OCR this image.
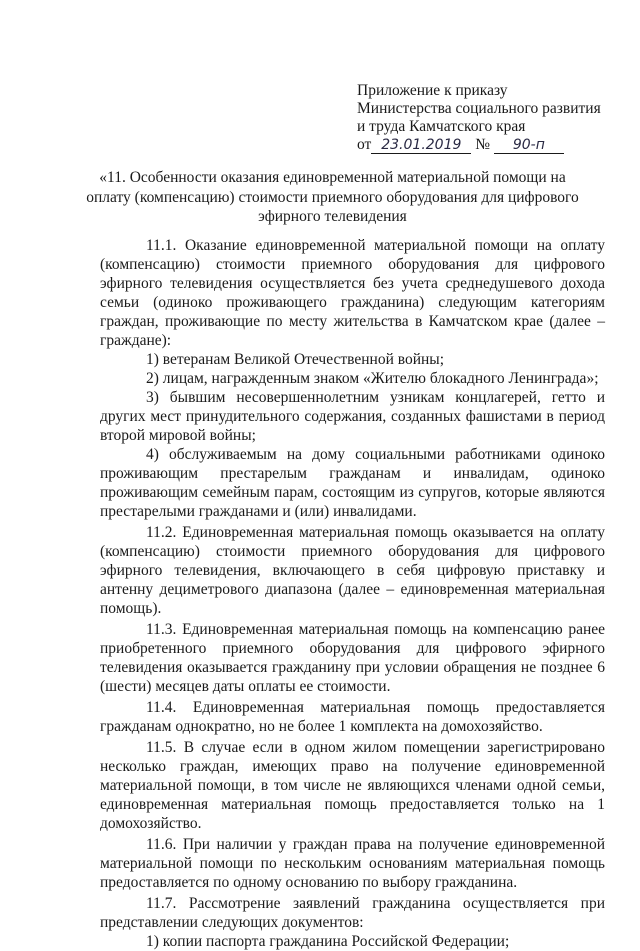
Приложение к приказу
Министерства социального развития
и труда Камчатского края
от 23.01.2019 № 90-п
«11. Особенности оказания единовременной материальной помощи на
оплату (компенсацию) стоимости приемного оборудования для цифрового
эфирного телевидения

11.1. Оказание единовременной материальной помощи на оплату (компенсацию) стоимости приемного оборудования для цифрового эфирного телевидения осуществляется без учета среднедушевого дохода семьи (одиноко проживающего гражданина) следующим категориям граждан, проживающие по месту жительства в Камчатском крае (далее – граждане):

1) ветеранам Великой Отечественной войны;

2) лицам, награжденным знаком «Жителю блокадного Ленинграда»;

3) бывшим несовершеннолетним узникам концлагерей, гетто и других мест принудительного содержания, созданных фашистами в период второй мировой войны;

4) обслуживаемым на дому социальными работниками одиноко проживающим престарелым гражданам и инвалидам, одиноко проживающим семейным парам, состоящим из супругов, которые являются престарелыми гражданами и (или) инвалидами.

11.2. Единовременная материальная помощь оказывается на оплату (компенсацию) стоимости приемного оборудования для цифрового эфирного телевидения, включающего в себя цифровую приставку и антенну дециметрового диапазона (далее – единовременная материальная помощь).

11.3. Единовременная материальная помощь на компенсацию ранее приобретенного приемного оборудования для цифрового эфирного телевидения оказывается гражданину при условии обращения не позднее 6 (шести) месяцев даты оплаты ее стоимости.

11.4. Единовременная материальная помощь предоставляется гражданам однократно, но не более 1 комплекта на домохозяйство.

11.5. В случае если в одном жилом помещении зарегистрировано несколько граждан, имеющих право на получение единовременной материальной помощи, в том числе не являющихся членами одной семьи, единовременная материальная помощь предоставляется только на 1 домохозяйство.

11.6. При наличии у граждан права на получение единовременной материальной помощи по нескольким основаниям материальная помощь предоставляется по одному основанию по выбору гражданина.

11.7. Рассмотрение заявлений гражданина осуществляется при представлении следующих документов:

1) копии паспорта гражданина Российской Федерации;
